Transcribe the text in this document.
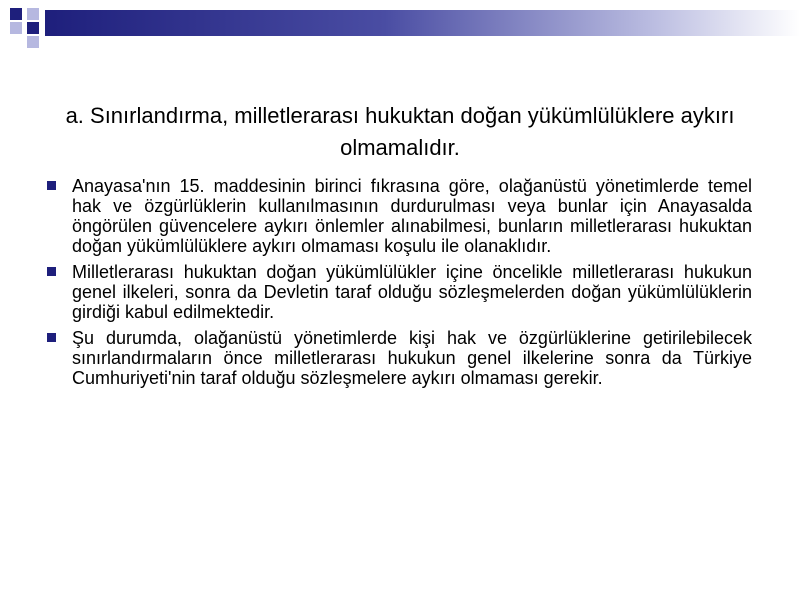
a. Sınırlandırma, milletlerarası hukuktan doğan yükümlülüklere aykırı olmamalıdır.
Anayasa'nın 15. maddesinin birinci fıkrasına göre, olağanüstü yönetimlerde temel hak ve özgürlüklerin kullanılmasının durdurulması veya bunlar için Anayasalda öngörülen güvencelere aykırı önlemler alınabilmesi, bunların milletlerarası hukuktan doğan yükümlülüklere aykırı olmaması koşulu ile olanaklıdır.
Milletlerarası hukuktan doğan yükümlülükler içine öncelikle milletlerarası hukukun genel ilkeleri, sonra da Devletin taraf olduğu sözleşmelerden doğan yükümlülüklerin girdiği kabul edilmektedir.
Şu durumda, olağanüstü yönetimlerde kişi hak ve özgürlüklerine getirilebilecek sınırlandırmaların önce milletlerarası hukukun genel ilkelerine sonra da Türkiye Cumhuriyeti'nin taraf olduğu sözleşmelere aykırı olmaması gerekir.
